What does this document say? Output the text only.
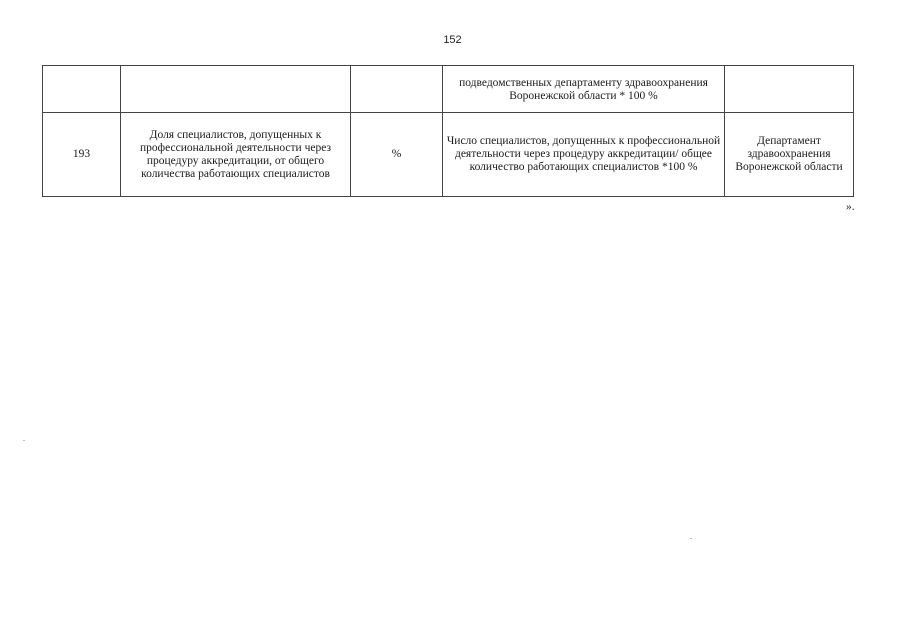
152
			подведомственных департаменту здравоохранения Воронежской области * 100 %	
193	Доля специалистов, допущенных к профессиональной деятельности через процедуру аккредитации, от общего количества работающих специалистов	%	Число специалистов, допущенных к профессиональной деятельности через процедуру аккредитации/ общее количество работающих специалистов *100 %	Департамент здравоохранения Воронежской области
».
